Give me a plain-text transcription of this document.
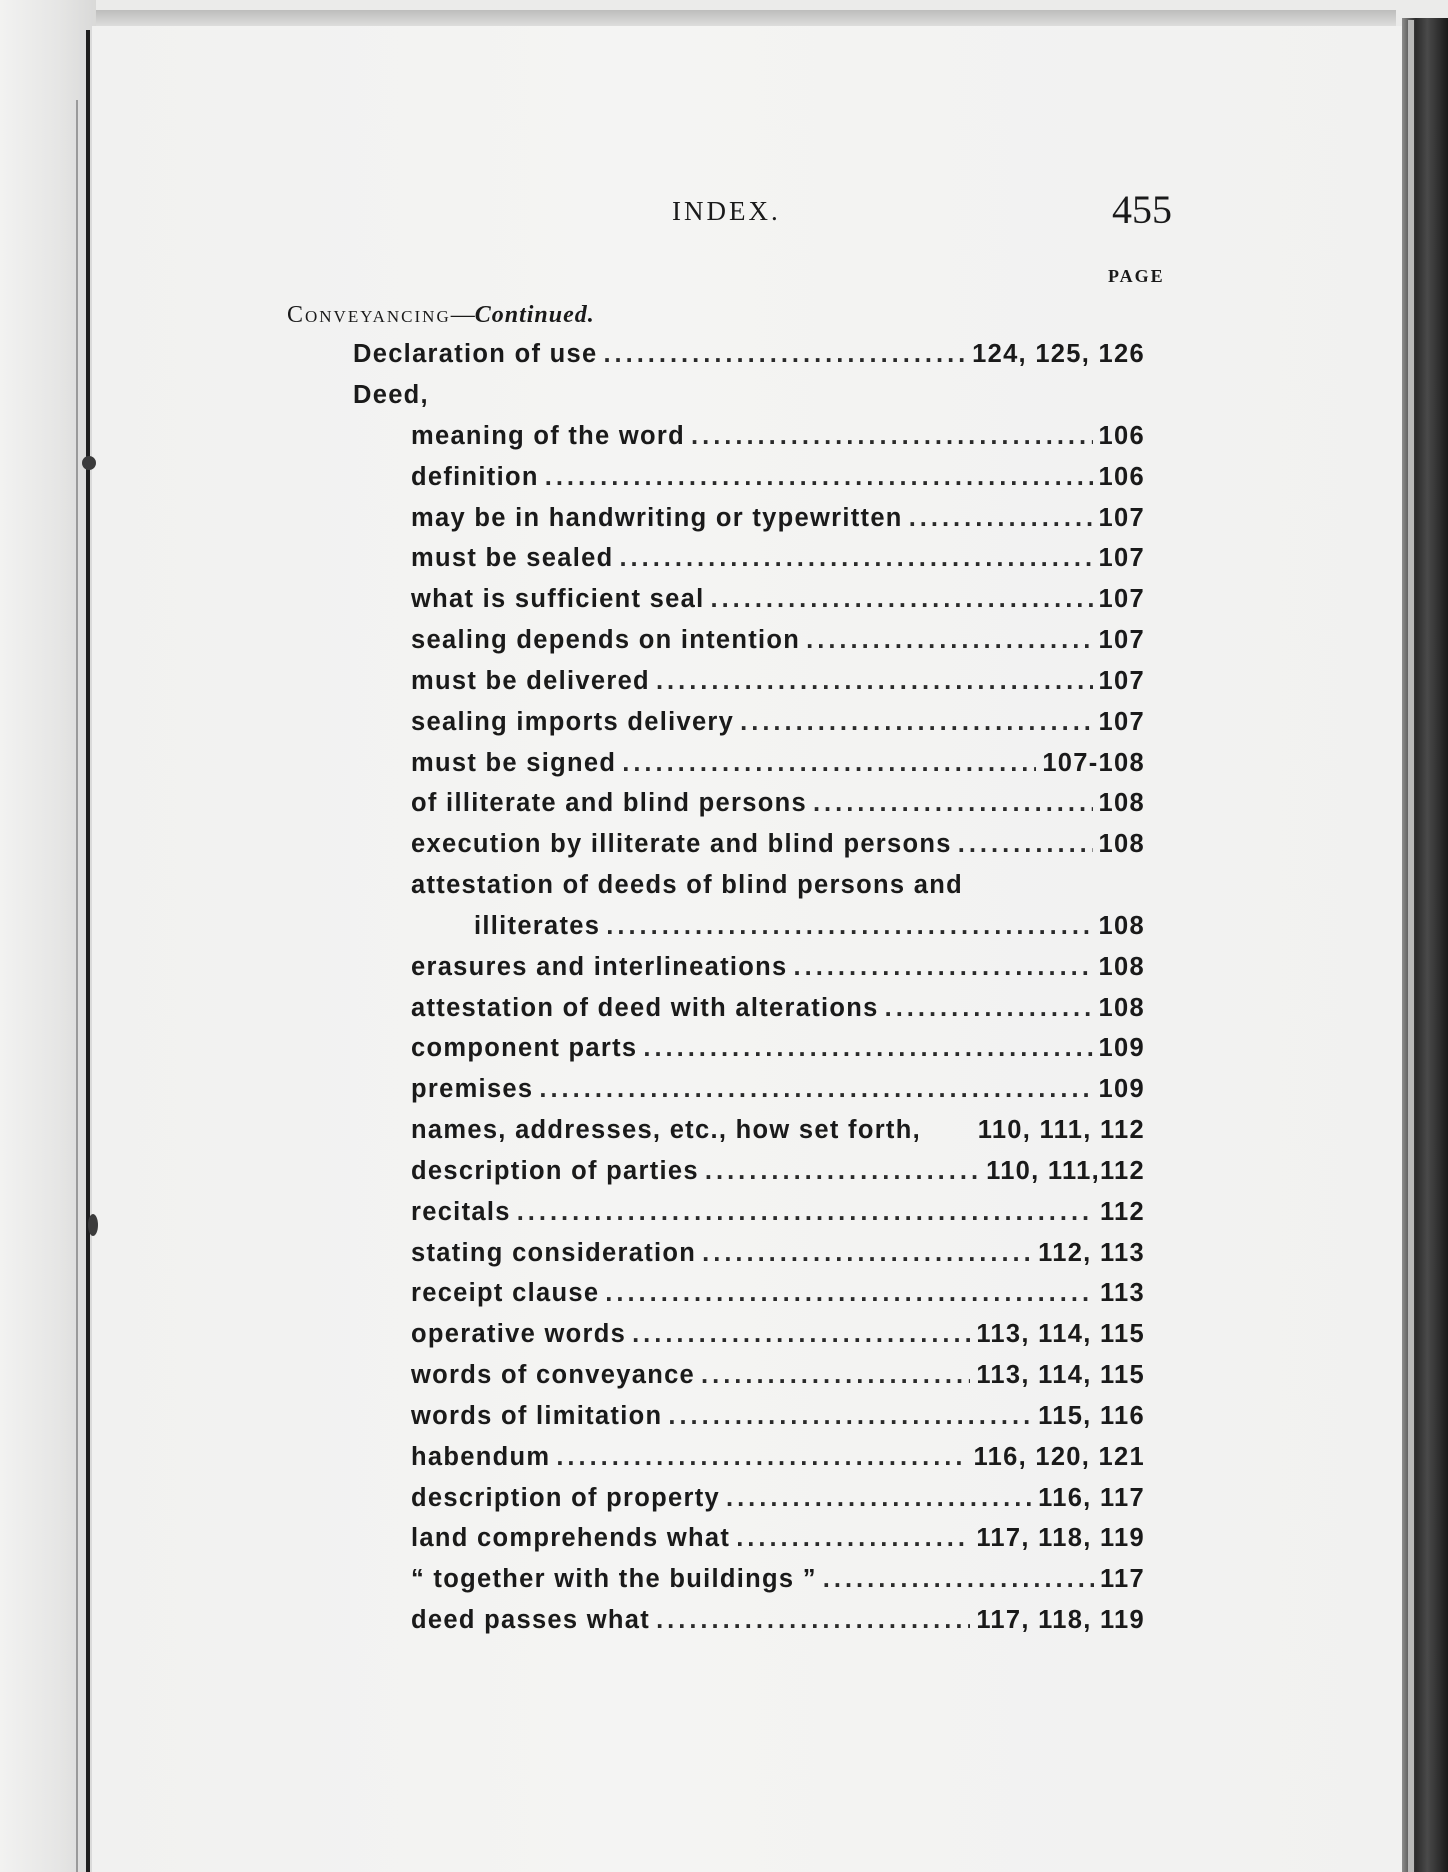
INDEX.	455
PAGE
Conveyancing—Continued.
Declaration of use .....	124, 125, 126
Deed,
meaning of the word .....	106
definition .....	106
may be in handwriting or typewritten .....	107
must be sealed .....	107
what is sufficient seal .....	107
sealing depends on intention .....	107
must be delivered .....	107
sealing imports delivery .....	107
must be signed .....	107-108
of illiterate and blind persons .....	108
execution by illiterate and blind persons .....	108
attestation of deeds of blind persons and
illiterates .....	108
erasures and interlineations .....	108
attestation of deed with alterations .....	108
component parts .....	109
premises .....	109
names, addresses, etc., how set forth, 110, 111, 112
description of parties .....	110, 111,112
recitals .....	112
stating consideration .....	112, 113
receipt clause .....	113
operative words .....	113, 114, 115
words of conveyance .....	113, 114, 115
words of limitation .....	115, 116
habendum .....	116, 120, 121
description of property .....	116, 117
land comprehends what .....	117, 118, 119
“ together with the buildings ” .....	117
deed passes what .....	117, 118, 119
